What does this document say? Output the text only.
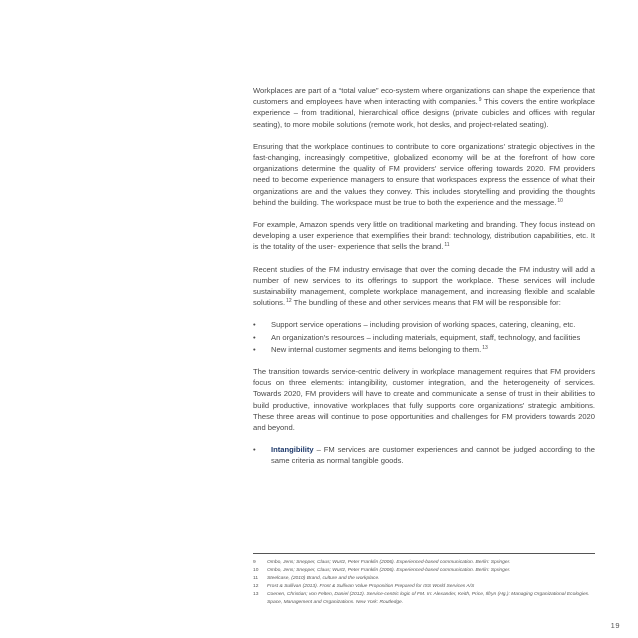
Workplaces are part of a “total value” eco-system where organizations can shape the experience that customers and employees have when interacting with companies.$^9$ This covers the entire workplace experience – from traditional, hierarchical office designs (private cubicles and offices with regular seating), to more mobile solutions (remote work, hot desks, and project-related seating).

Ensuring that the workplace continues to contribute to core organizations' strategic objectives in the fast-changing, increasingly competitive, globalized economy will be at the forefront of how core organizations determine the quality of FM providers' service offering towards 2020. FM providers need to become experience managers to ensure that workspaces express the essence of what their organizations are and the values they convey. This includes storytelling and providing the thoughts behind the building. The workspace must be true to both the experience and the message.$^{10}$

For example, Amazon spends very little on traditional marketing and branding. They focus instead on developing a user experience that exemplifies their brand: technology, distribution capabilities, etc. It is the totality of the user- experience that sells the brand.$^{11}$

Recent studies of the FM industry envisage that over the coming decade the FM industry will add a number of new services to its offerings to support the workplace. These services will include sustainability management, complete workplace management, and increasing flexible and scalable solutions.$^{12}$ The bundling of these and other services means that FM will be responsible for:

• Support service operations – including provision of working spaces, catering, cleaning, etc.
• An organization's resources – including materials, equipment, staff, technology, and facilities
• New internal customer segments and items belonging to them.$^{13}$

The transition towards service-centric delivery in workplace management requires that FM providers focus on three elements: intangibility, customer integration, and the heterogeneity of services. Towards 2020, FM providers will have to create and communicate a sense of trust in their abilities to build productive, innovative workplaces that fully supports core organizations' strategic ambitions. These three areas will continue to pose opportunities and challenges for FM providers towards 2020 and beyond.

• Intangibility – FM services are customer experiences and cannot be judged according to the same criteria as normal tangible goods.
9	Ombo, Jens; Snepper, Claus; Wurtz, Peter Franklin (2006). Experienced-based communication. Berlin: Springer.
10	Ombo, Jens; Snepper, Claus; Wurtz, Peter Franklin (2006). Experienced-based communication. Berlin: Springer.
11	Steelcase, (2010) Brand, culture and the workplace.
12	Frost & Sullivan (2013). Frost & Sullivan Value Proposition Prepared for ISS World Services A/S
13	Coenen, Christian; von Felten, Daniel (2012). Service-centric logic of FM. In: Alexander, Keith, Price, Ilfryn (Hg.): Managing Organizational Ecologies. Space, Management and Organizations. New York: Routledge.
19
